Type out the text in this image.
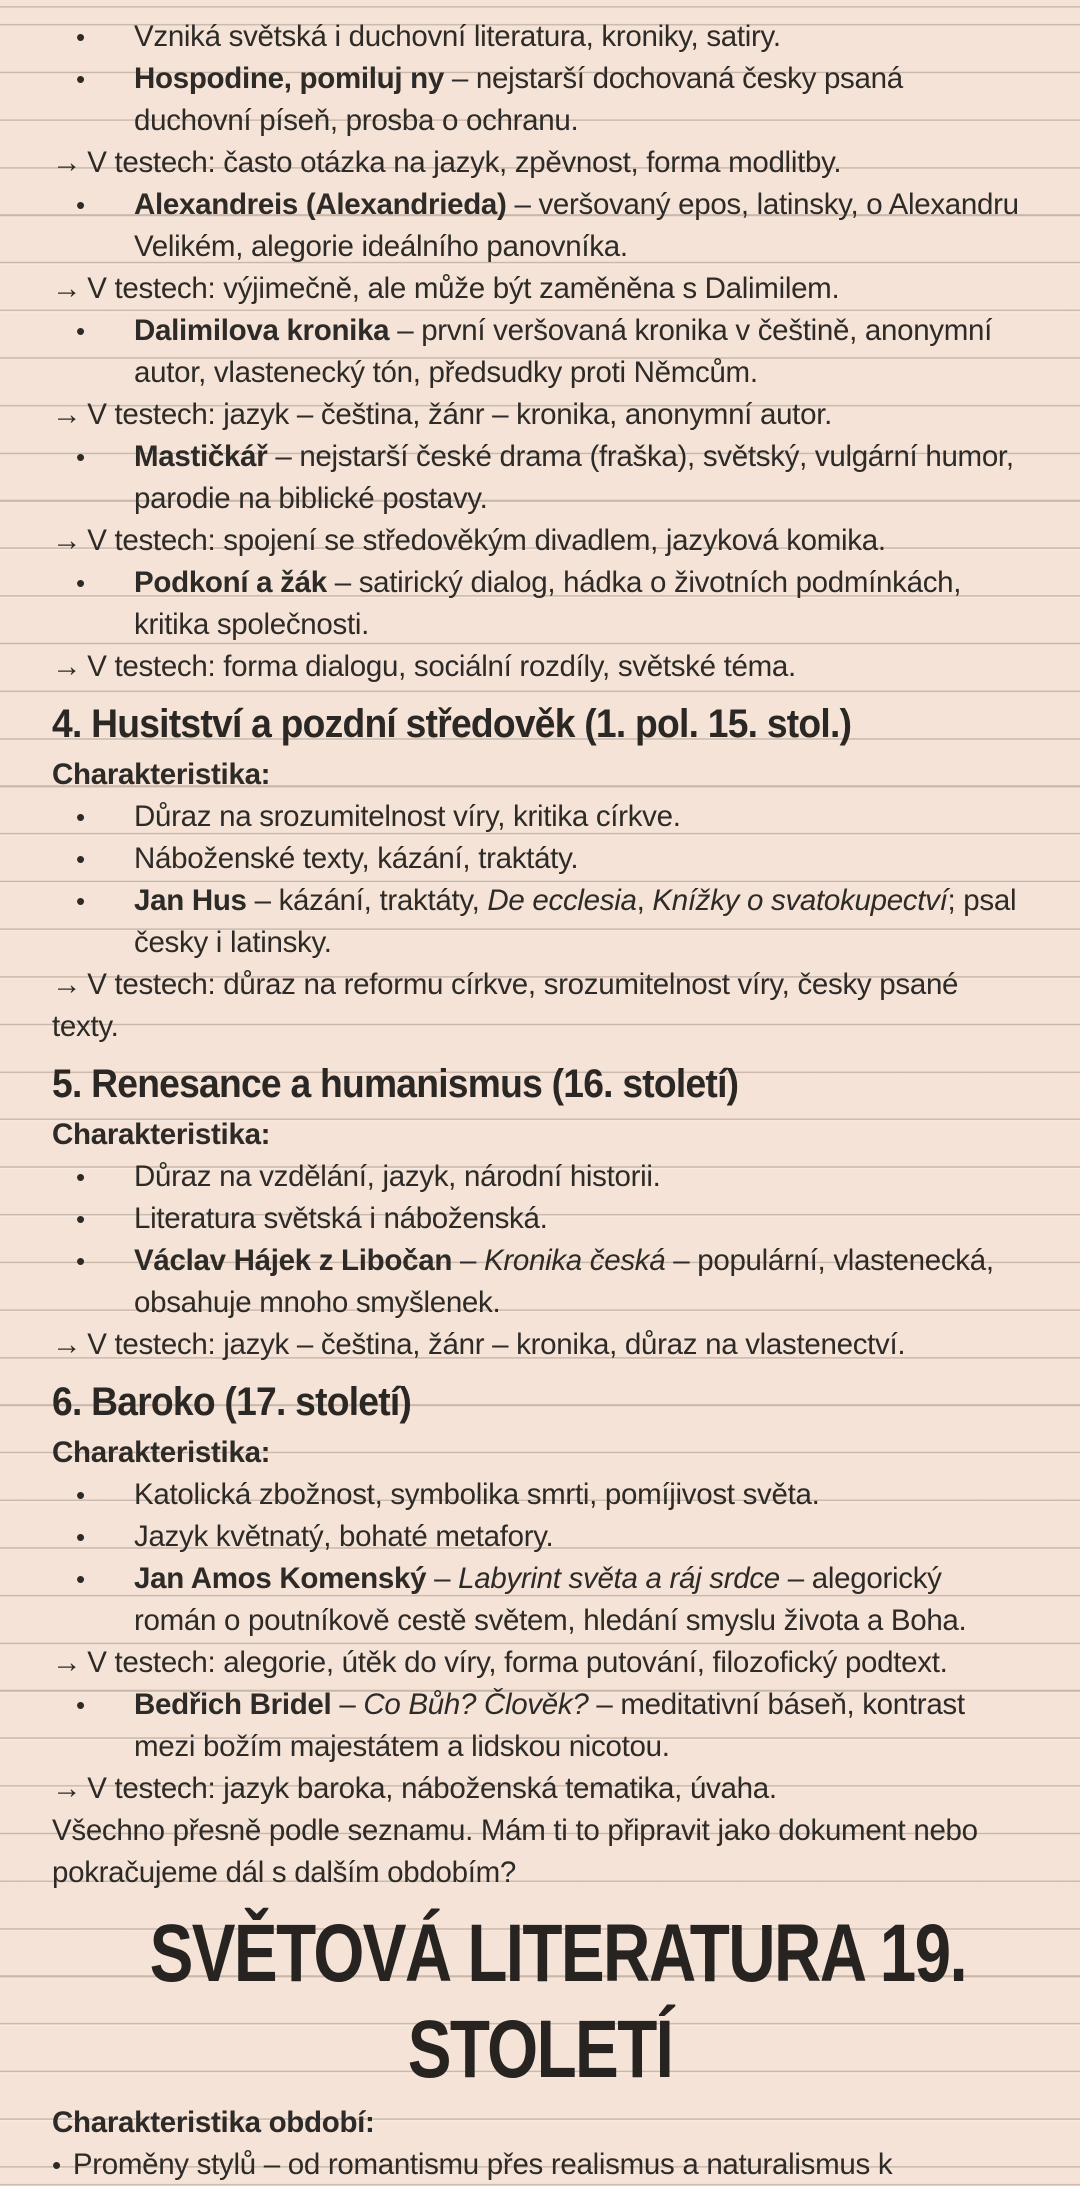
• Vzniká světská i duchovní literatura, kroniky, satiry.
• Hospodine, pomiluj ny – nejstarší dochovaná česky psaná duchovní píseň, prosba o ochranu.
→ V testech: často otázka na jazyk, zpěvnost, forma modlitby.
• Alexandreis (Alexandrieda) – veršovaný epos, latinsky, o Alexandru Velikém, alegorie ideálního panovníka.
→ V testech: výjimečně, ale může být zaměněna s Dalimilem.
• Dalimilova kronika – první veršovaná kronika v češtině, anonymní autor, vlastenecký tón, předsudky proti Němcům.
→ V testech: jazyk – čeština, žánr – kronika, anonymní autor.
• Mastičkář – nejstarší české drama (fraška), světský, vulgární humor, parodie na biblické postavy.
→ V testech: spojení se středověkým divadlem, jazyková komika.
• Podkoní a žák – satirický dialog, hádka o životních podmínkách, kritika společnosti.
→ V testech: forma dialogu, sociální rozdíly, světské téma.
4. Husitství a pozdní středověk (1. pol. 15. stol.)
Charakteristika:
• Důraz na srozumitelnost víry, kritika církve.
• Náboženské texty, kázání, traktáty.
• Jan Hus – kázání, traktáty, De ecclesia, Knížky o svatokupectví; psal česky i latinsky.
→ V testech: důraz na reformu církve, srozumitelnost víry, česky psané texty.
5. Renesance a humanismus (16. století)
Charakteristika:
• Důraz na vzdělání, jazyk, národní historii.
• Literatura světská i náboženská.
• Václav Hájek z Libočan – Kronika česká – populární, vlastenecká, obsahuje mnoho smyšlenek.
→ V testech: jazyk – čeština, žánr – kronika, důraz na vlastenectví.
6. Baroko (17. století)
Charakteristika:
• Katolická zbožnost, symbolika smrti, pomíjivost světa.
• Jazyk květnatý, bohaté metafory.
• Jan Amos Komenský – Labyrint světa a ráj srdce – alegorický román o poutníkově cestě světem, hledání smyslu života a Boha.
→ V testech: alegorie, útěk do víry, forma putování, filozofický podtext.
• Bedřich Bridel – Co Bůh? Člověk? – meditativní báseň, kontrast mezi božím majestátem a lidskou nicotou.
→ V testech: jazyk baroka, náboženská tematika, úvaha.
Všechno přesně podle seznamu. Mám ti to připravit jako dokument nebo pokračujeme dál s dalším obdobím?
SVĚTOVÁ LITERATURA 19.
STOLETÍ
Charakteristika období:
• Proměny stylů – od romantismu přes realismus a naturalismus k
